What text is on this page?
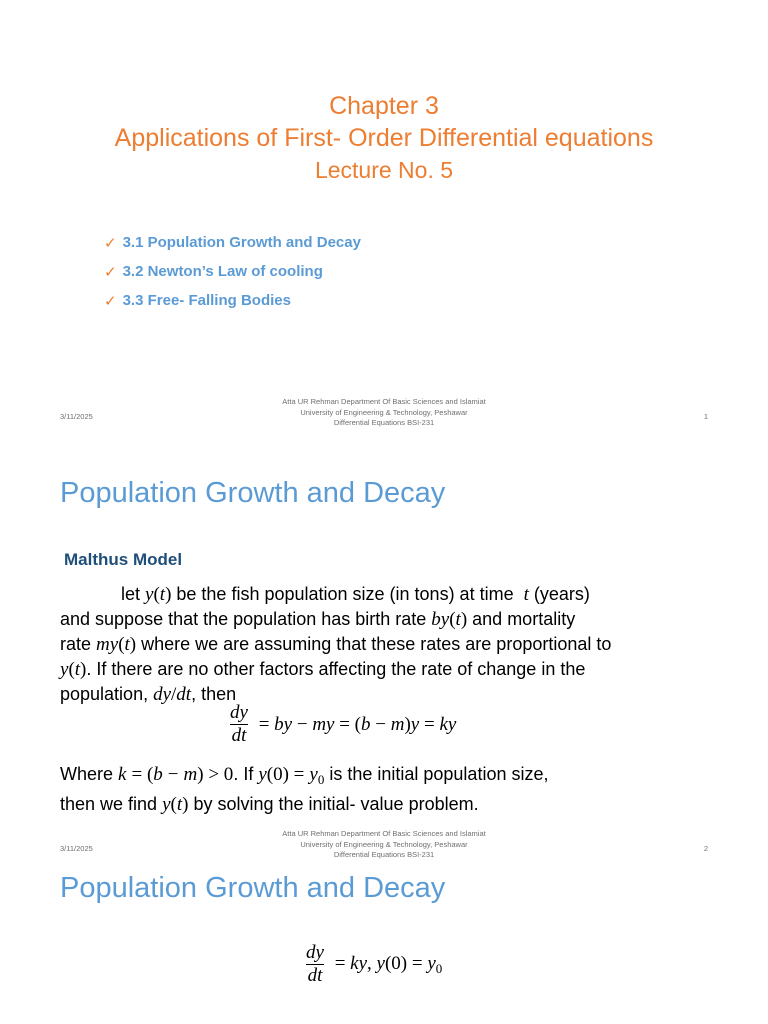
Chapter 3
Applications of First- Order Differential equations
Lecture No. 5
✓ 3.1 Population Growth and Decay
✓ 3.2 Newton’s Law of cooling
✓ 3.3 Free- Falling Bodies
3/11/2025
Atta UR Rehman Department Of Basic Sciences and Islamiat
University of Engineering & Technology, Peshawar
Differential Equations BSI-231
1
Population Growth and Decay
Malthus Model
let y(t) be the fish population size (in tons) at time  t (years)
and suppose that the population has birth rate by(t) and mortality
rate my(t) where we are assuming that these rates are proportional to
y(t). If there are no other factors affecting the rate of change in the
population, dy/dt, then
$\frac{dy}{dt}$ = by − my = (b − m)y = ky
Where k = (b − m) > 0. If $y(0) = y_0$ is the initial population size,
then we find y(t) by solving the initial- value problem.
3/11/2025
Atta UR Rehman Department Of Basic Sciences and Islamiat
University of Engineering & Technology, Peshawar
Differential Equations BSI-231
2
Population Growth and Decay
$\frac{dy}{dt}$ = ky, $y(0) = y_0$
